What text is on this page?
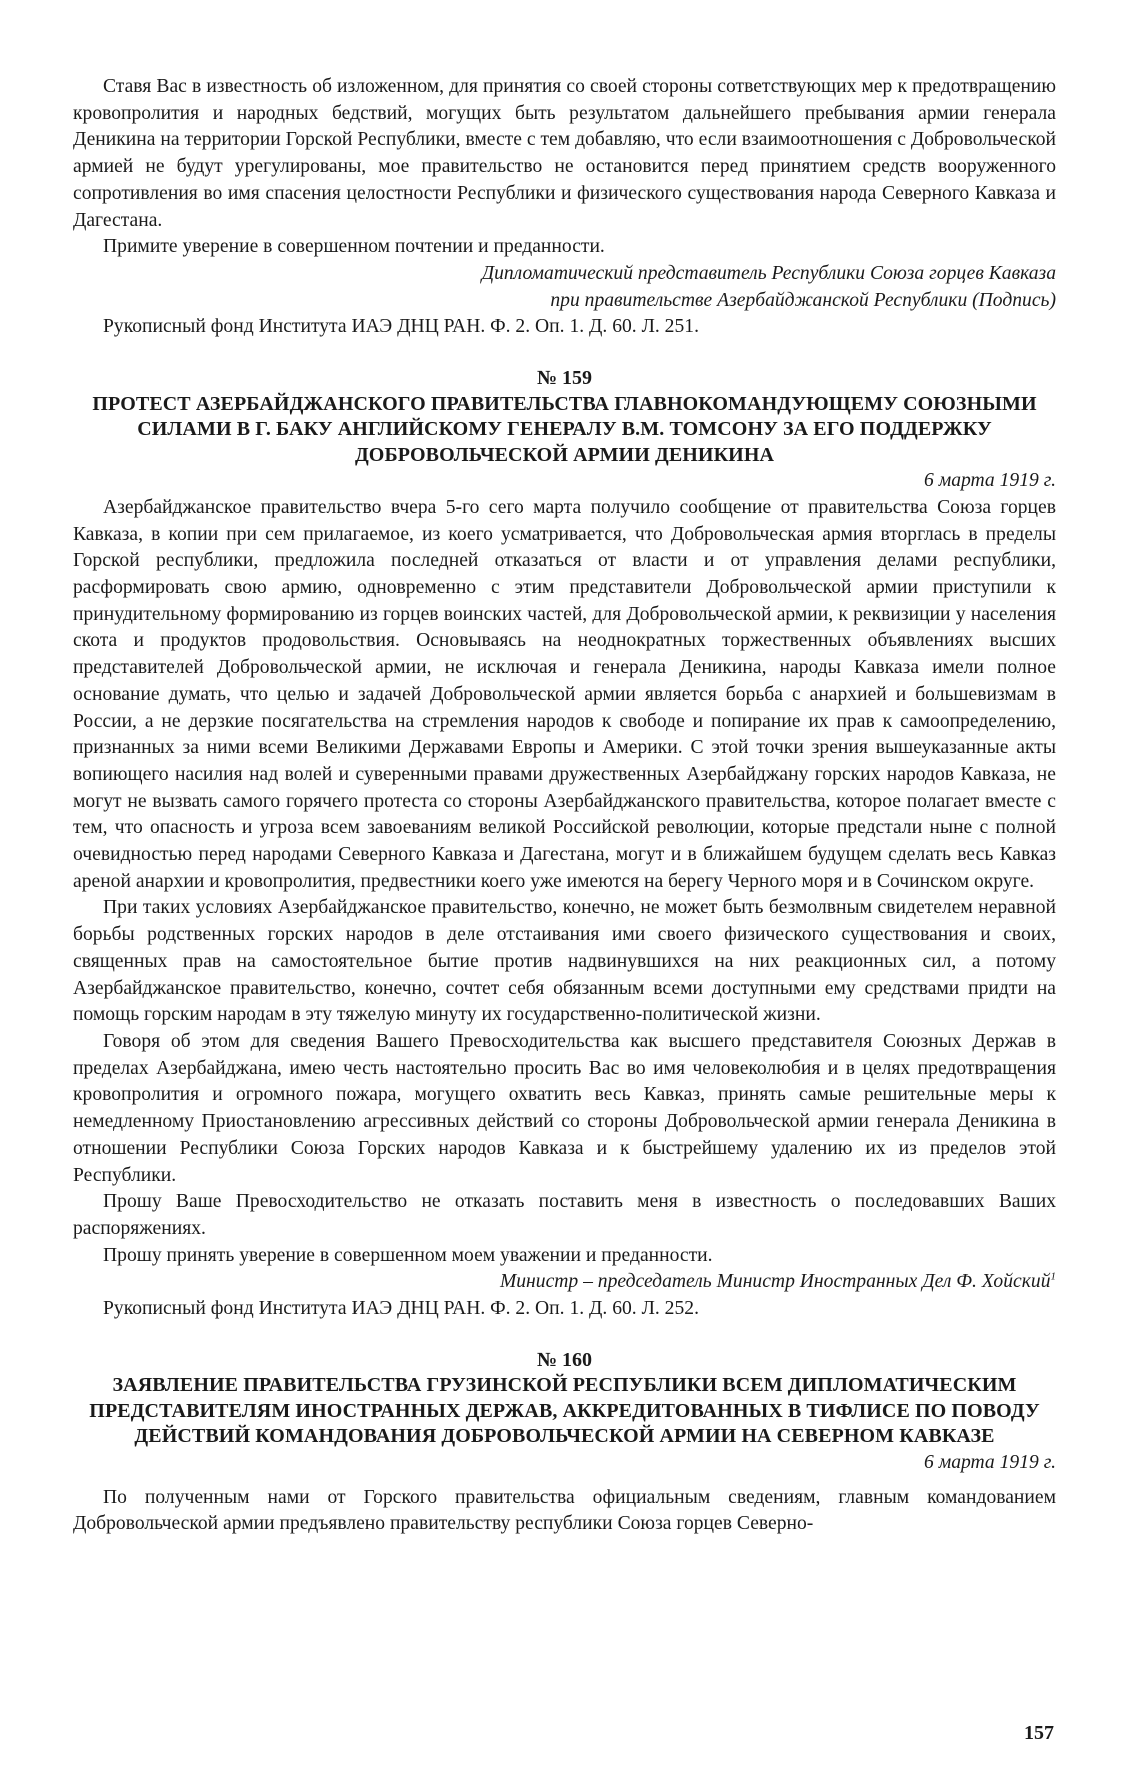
Ставя Вас в известность об изложенном, для принятия со своей стороны сответствующих мер к предотвращению кровопролития и народных бедствий, могущих быть результатом дальнейшего пребывания армии генерала Деникина на территории Горской Республики, вместе с тем добавляю, что если взаимоотношения с Добровольческой армией не будут урегулированы, мое правительство не остановится перед принятием средств вооруженного сопротивления во имя спасения целостности Республики и физического существования народа Северного Кавказа и Дагестана.

Примите уверение в совершенном почтении и преданности.

Дипломатический представитель Республики Союза горцев Кавказа

при правительстве Азербайджанской Республики (Подпись)

Рукописный фонд Института ИАЭ ДНЦ РАН. Ф. 2. Оп. 1. Д. 60. Л. 251.

№ 159

ПРОТЕСТ АЗЕРБАЙДЖАНСКОГО ПРАВИТЕЛЬСТВА ГЛАВНОКОМАНДУЮЩЕМУ СОЮЗНЫМИ СИЛАМИ В Г. БАКУ АНГЛИЙСКОМУ ГЕНЕРАЛУ В.М. ТОМСОНУ ЗА ЕГО ПОДДЕРЖКУ ДОБРОВОЛЬЧЕСКОЙ АРМИИ ДЕНИКИНА

6 марта 1919 г.

Азербайджанское правительство вчера 5-го сего марта получило сообщение от правительства Союза горцев Кавказа, в копии при сем прилагаемое, из коего усматривается, что Добровольческая армия вторглась в пределы Горской республики, предложила последней отказаться от власти и от управления делами республики, расформировать свою армию, одновременно с этим представители Добровольческой армии приступили к принудительному формированию из горцев воинских частей, для Добровольческой армии, к реквизиции у населения скота и продуктов продовольствия. Основываясь на неоднократных торжественных объявлениях высших представителей Добровольческой армии, не исключая и генерала Деникина, народы Кавказа имели полное основание думать, что целью и задачей Добровольческой армии является борьба с анархией и большевизмам в России, а не дерзкие посягательства на стремления народов к свободе и попирание их прав к самоопределению, признанных за ними всеми Великими Державами Европы и Америки. С этой точки зрения вышеуказанные акты вопиющего насилия над волей и суверенными правами дружественных Азербайджану горских народов Кавказа, не могут не вызвать самого горячего протеста со стороны Азербайджанского правительства, которое полагает вместе с тем, что опасность и угроза всем завоеваниям великой Российской революции, которые предстали ныне с полной очевидностью перед народами Северного Кавказа и Дагестана, могут и в ближайшем будущем сделать весь Кавказ ареной анархии и кровопролития, предвестники коего уже имеются на берегу Черного моря и в Сочинском округе.

При таких условиях Азербайджанское правительство, конечно, не может быть безмолвным свидетелем неравной борьбы родственных горских народов в деле отстаивания ими своего физического существования и своих, священных прав на самостоятельное бытие против надвинувшихся на них реакционных сил, а потому Азербайджанское правительство, конечно, сочтет себя обязанным всеми доступными ему средствами придти на помощь горским народам в эту тяжелую минуту их государственно-политической жизни.

Говоря об этом для сведения Вашего Превосходительства как высшего представителя Союзных Держав в пределах Азербайджана, имею честь настоятельно просить Вас во имя человеколюбия и в целях предотвращения кровопролития и огромного пожара, могущего охватить весь Кавказ, принять самые решительные меры к немедленному Приостановлению агрессивных действий со стороны Добровольческой армии генерала Деникина в отношении Республики Союза Горских народов Кавказа и к быстрейшему удалению их из пределов этой Республики.

Прошу Ваше Превосходительство не отказать поставить меня в известность о последовавших Ваших распоряжениях.

Прошу принять уверение в совершенном моем уважении и преданности.

Министр – председатель Министр Иностранных Дел Ф. Хойский$^1$

Рукописный фонд Института ИАЭ ДНЦ РАН. Ф. 2. Оп. 1. Д. 60. Л. 252.

№ 160

ЗАЯВЛЕНИЕ ПРАВИТЕЛЬСТВА ГРУЗИНСКОЙ РЕСПУБЛИКИ ВСЕМ ДИПЛОМАТИЧЕСКИМ ПРЕДСТАВИТЕЛЯМ ИНОСТРАННЫХ ДЕРЖАВ, АККРЕДИТОВАННЫХ В ТИФЛИСЕ ПО ПОВОДУ ДЕЙСТВИЙ КОМАНДОВАНИЯ ДОБРОВОЛЬЧЕСКОЙ АРМИИ НА СЕВЕРНОМ КАВКАЗЕ

6 марта 1919 г.

По полученным нами от Горского правительства официальным сведениям, главным командованием Добровольческой армии предъявлено правительству республики Союза горцев Северно-

157
